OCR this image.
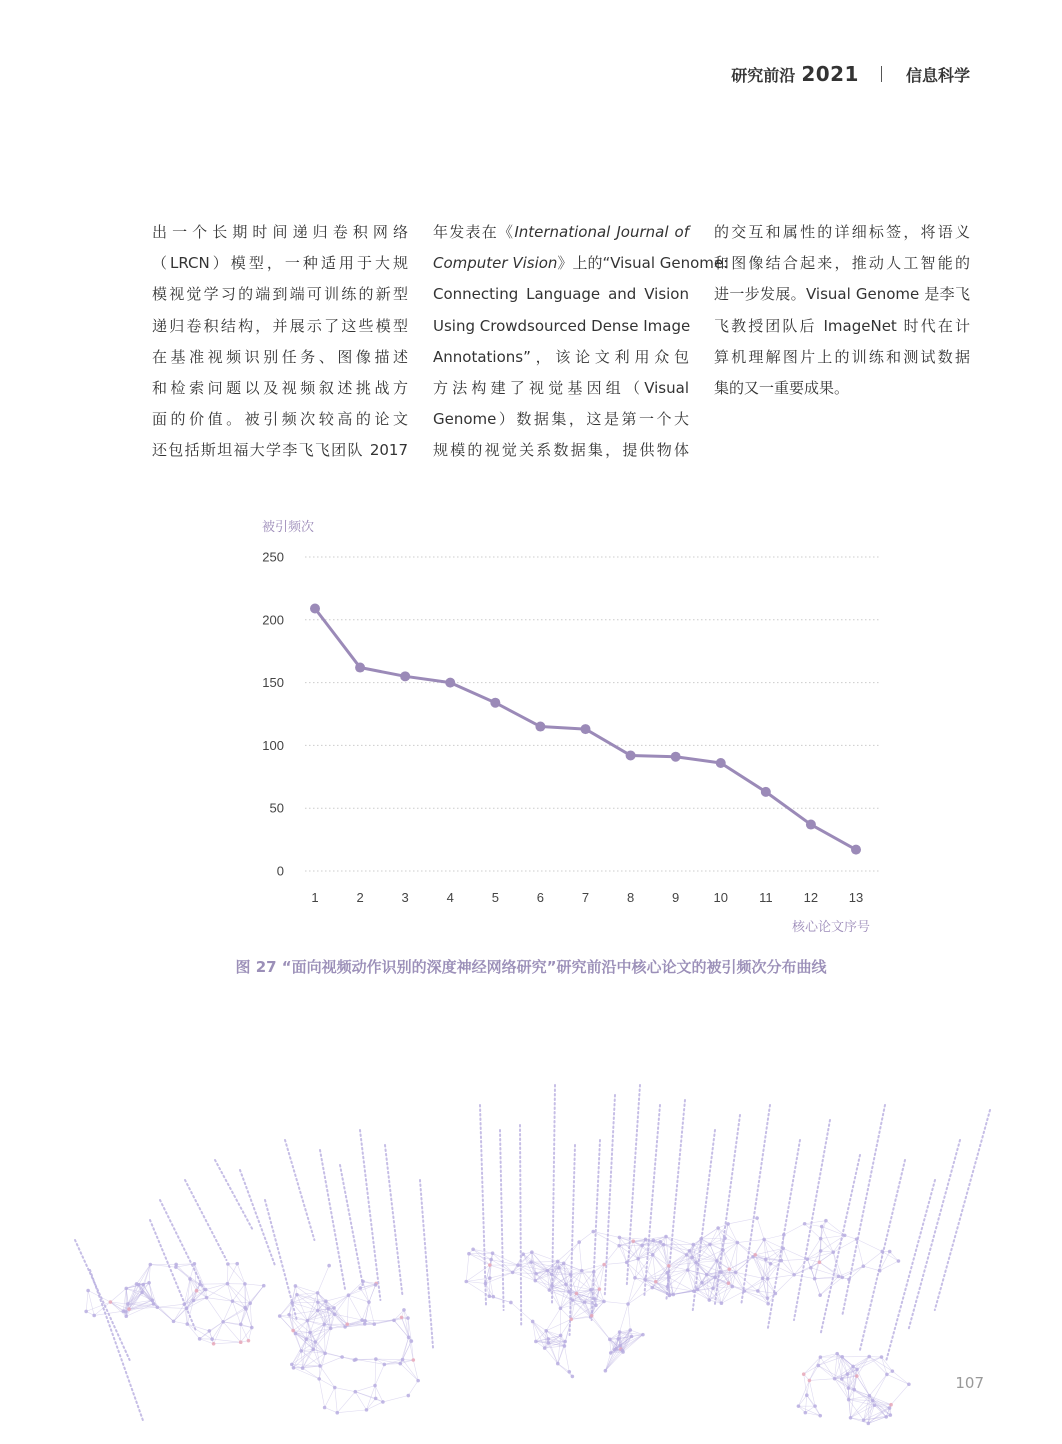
研究前沿 2021	信息科学
出一个长期时间递归卷积网络
（LRCN）模型，一种适用于大规
模视觉学习的端到端可训练的新型
递归卷积结构，并展示了这些模型
在基准视频识别任务、图像描述
和检索问题以及视频叙述挑战方
面的价值。被引频次较高的论文
还包括斯坦福大学李飞飞团队 2017
年发表在《International Journal of
Computer Vision》上的“Visual Genome:
Connecting Language and Vision
Using Crowdsourced Dense Image
Annotations”，该论文利用众包
方法构建了视觉基因组（Visual
Genome）数据集，这是第一个大
规模的视觉关系数据集，提供物体
的交互和属性的详细标签，将语义
和图像结合起来，推动人工智能的
进一步发展。Visual Genome 是李飞
飞教授团队后 ImageNet 时代在计
算机理解图片上的训练和测试数据
集的又一重要成果。
被引频次
0
50
100
150
200
250
1	2	3	4	5	6	7	8	9	10 11 12 13
核心论文序号
图 27 “面向视频动作识别的深度神经网络研究”研究前沿中核心论文的被引频次分布曲线
107
